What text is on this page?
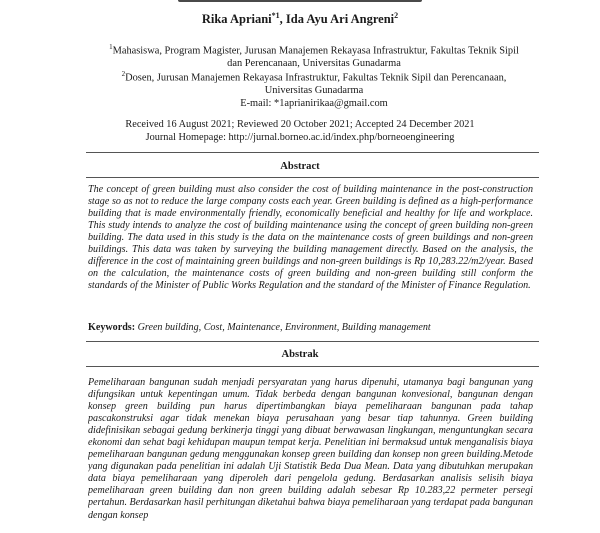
Rika Apriani$^{*1}$, Ida Ayu Ari Angreni$^2$
$^1$Mahasiswa, Program Magister, Jurusan Manajemen Rekayasa Infrastruktur, Fakultas Teknik Sipil
dan Perencanaan, Universitas Gunadarma
$^2$Dosen, Jurusan Manajemen Rekayasa Infrastruktur, Fakultas Teknik Sipil dan Perencanaan,
Universitas Gunadarma
E-mail: *1aprianirikaa@gmail.com
Received 16 August 2021; Reviewed 20 October 2021; Accepted 24 December 2021
Journal Homepage: http://jurnal.borneo.ac.id/index.php/borneoengineering
Abstract
The concept of green building must also consider the cost of building maintenance in the post-construction stage so as not to reduce the large company costs each year. Green building is defined as a high-performance building that is made environmentally friendly, economically beneficial and healthy for life and workplace. This study intends to analyze the cost of building maintenance using the concept of green building non-green building. The data used in this study is the data on the maintenance costs of green buildings and non-green buildings. This data was taken by surveying the building management directly. Based on the analysis, the difference in the cost of maintaining green buildings and non-green buildings is Rp 10,283.22/m2/year. Based on the calculation, the maintenance costs of green building and non-green building still conform the standards of the Minister of Public Works Regulation and the standard of the Minister of Finance Regulation.
Keywords: Green building, Cost, Maintenance, Environment, Building management
Abstrak
Pemeliharaan bangunan sudah menjadi persyaratan yang harus dipenuhi, utamanya bagi bangunan yang difungsikan untuk kepentingan umum. Tidak berbeda dengan bangunan konvesional, bangunan dengan konsep green building pun harus dipertimbangkan biaya pemeliharaan bangunan pada tahap pascakonstruksi agar tidak menekan biaya perusahaan yang besar tiap tahunnya. Green building didefinisikan sebagai gedung berkinerja tinggi yang dibuat berwawasan lingkungan, menguntungkan secara ekonomi dan sehat bagi kehidupan maupun tempat kerja. Penelitian ini bermaksud untuk menganalisis biaya pemeliharaan bangunan gedung menggunakan konsep green building dan konsep non green building.Metode yang digunakan pada penelitian ini adalah Uji Statistik Beda Dua Mean. Data yang dibutuhkan merupakan data biaya pemeliharaan yang diperoleh dari pengelola gedung. Berdasarkan analisis selisih biaya pemeliharaan green building dan non green building adalah sebesar Rp 10.283,22 permeter persegi pertahun. Berdasarkan hasil perhitungan diketahui bahwa biaya pemeliharaan yang terdapat pada bangunan dengan konsep
